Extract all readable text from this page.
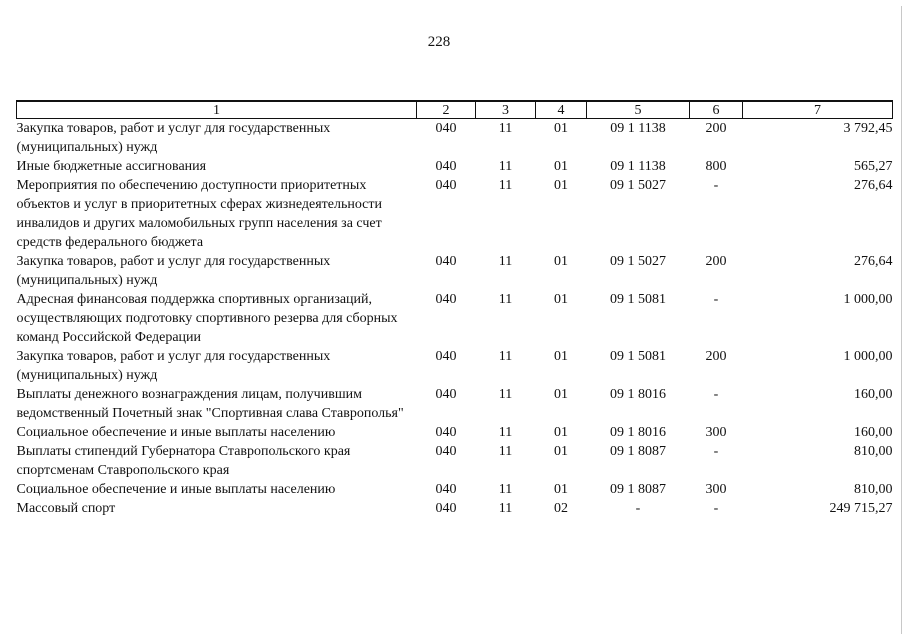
228
1	2	3	4	5	6	7
Закупка товаров, работ и услуг для государственных (муниципальных) нужд	040	11	01	09 1 1138	200	3 792,45
Иные бюджетные ассигнования	040	11	01	09 1 1138	800	565,27
Мероприятия по обеспечению доступности приоритетных объектов и услуг в приоритетных сферах жизнедеятельности инвалидов и других маломобильных групп населения за счет средств федерального бюджета	040	11	01	09 1 5027	-	276,64
Закупка товаров, работ и услуг для государственных (муниципальных) нужд	040	11	01	09 1 5027	200	276,64
Адресная финансовая поддержка спортивных организаций, осуществляющих подготовку спортивного резерва для сборных команд Российской Федерации	040	11	01	09 1 5081	-	1 000,00
Закупка товаров, работ и услуг для государственных (муниципальных) нужд	040	11	01	09 1 5081	200	1 000,00
Выплаты денежного вознаграждения лицам, получившим ведомственный Почетный знак "Спортивная слава Ставрополья"	040	11	01	09 1 8016	-	160,00
Социальное обеспечение и иные выплаты населению	040	11	01	09 1 8016	300	160,00
Выплаты стипендий Губернатора Ставропольского края спортсменам Ставропольского края	040	11	01	09 1 8087	-	810,00
Социальное обеспечение и иные выплаты населению	040	11	01	09 1 8087	300	810,00
Массовый спорт	040	11	02	-	-	249 715,27
